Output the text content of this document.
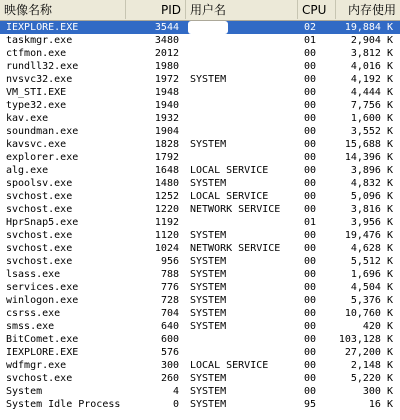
映像名称	PID 用户名	CPU	内存使用
IEXPLORE.EXE	3544	02	19,884 K
taskmgr.exe	3480	01	2,904 K
ctfmon.exe	2012	00	3,812 K
rundll32.exe	1980	00	4,016 K
nvsvc32.exe	1972 SYSTEM	00	4,192 K
VM_STI.EXE	1948	00	4,444 K
type32.exe	1940	00	7,756 K
kav.exe	1932	00	1,600 K
soundman.exe	1904	00	3,552 K
kavsvc.exe	1828 SYSTEM	00	15,688 K
explorer.exe	1792	00	14,396 K
alg.exe	1648 LOCAL SERVICE	00	3,896 K
spoolsv.exe	1480 SYSTEM	00	4,832 K
svchost.exe	1252 LOCAL SERVICE	00	5,096 K
svchost.exe	1220 NETWORK SERVICE	00	3,816 K
HprSnap5.exe	1192	01	3,956 K
svchost.exe	1120 SYSTEM	00	19,476 K
svchost.exe	1024 NETWORK SERVICE	00	4,628 K
svchost.exe	956 SYSTEM	00	5,512 K
lsass.exe	788 SYSTEM	00	1,696 K
services.exe	776 SYSTEM	00	4,504 K
winlogon.exe	728 SYSTEM	00	5,376 K
csrss.exe	704 SYSTEM	00	10,760 K
smss.exe	640 SYSTEM	00	420 K
BitComet.exe	600	00	103,128 K
IEXPLORE.EXE	576	00	27,200 K
wdfmgr.exe	300 LOCAL SERVICE	00	2,148 K
svchost.exe	260 SYSTEM	00	5,220 K
System	4 SYSTEM	00	300 K
System Idle Process	0 SYSTEM	95	16 K
